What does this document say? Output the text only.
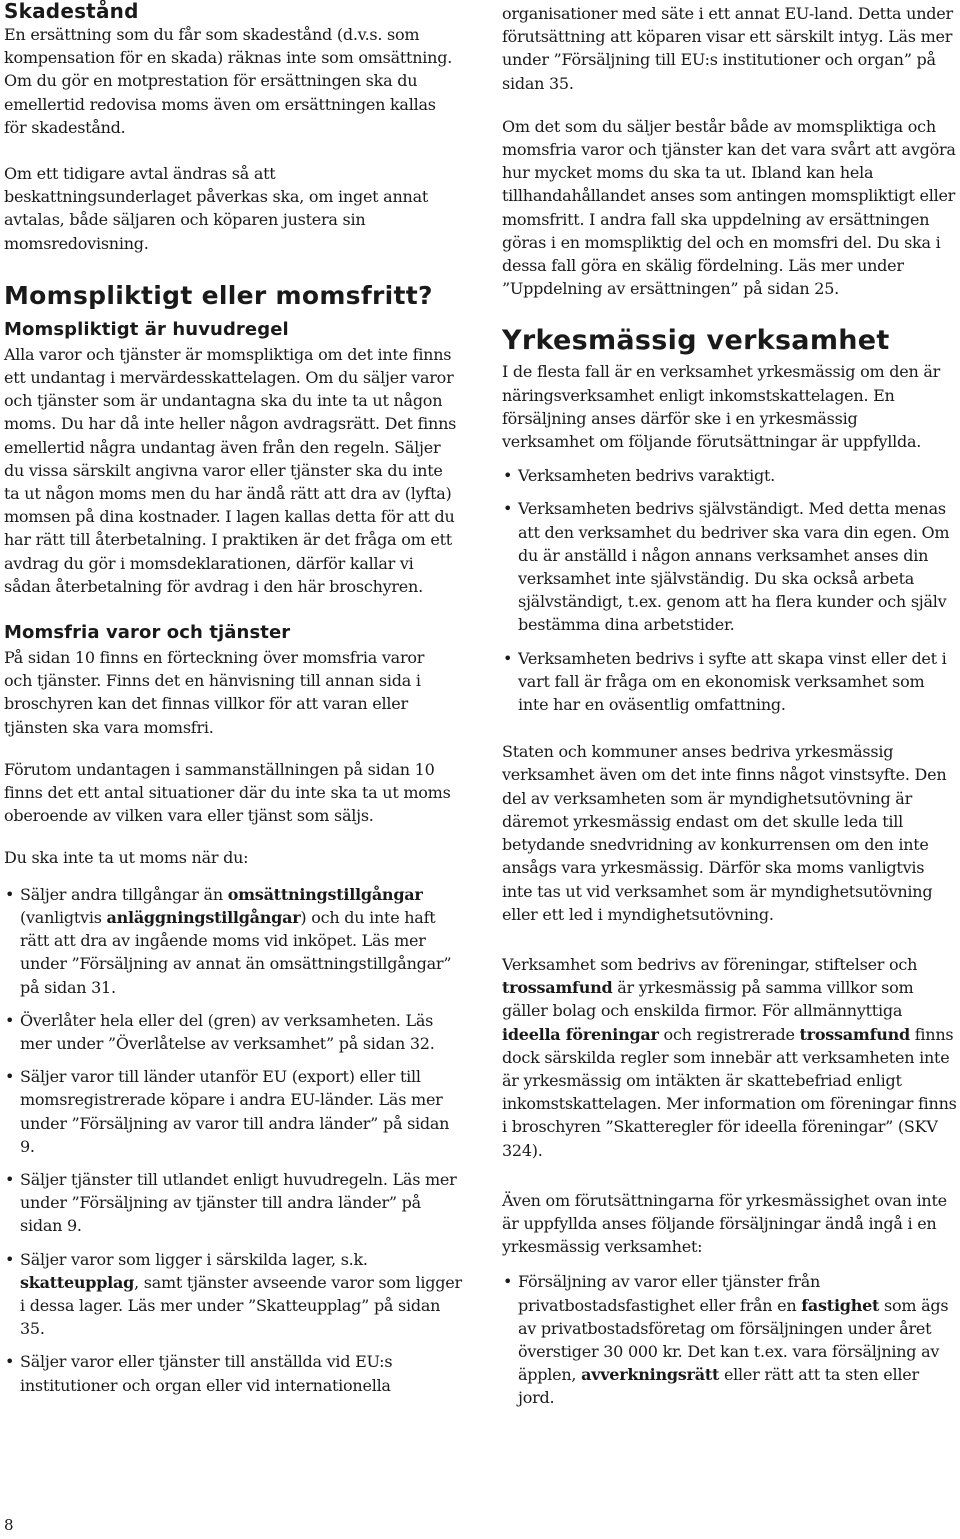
Skadestånd

En ersättning som du får som skadestånd (d.v.s. som kompensation för en skada) räknas inte som omsättning. Om du gör en motprestation för ersättningen ska du emellertid redovisa moms även om ersättningen kallas för skadestånd.

Om ett tidigare avtal ändras så att beskattningsunderlaget påverkas ska, om inget annat avtalas, både säljaren och köparen justera sin momsredovisning.

Momspliktigt eller momsfritt?
Momspliktigt är huvudregel

Alla varor och tjänster är momspliktiga om det inte finns ett undantag i mervärdesskattelagen. Om du säljer varor och tjänster som är undantagna ska du inte ta ut någon moms. Du har då inte heller någon avdragsrätt. Det finns emellertid några undantag även från den regeln. Säljer du vissa särskilt angivna varor eller tjänster ska du inte ta ut någon moms men du har ändå rätt att dra av (lyfta) momsen på dina kostnader. I lagen kallas detta för att du har rätt till återbetalning. I praktiken är det fråga om ett avdrag du gör i momsdeklarationen, därför kallar vi sådan återbetalning för avdrag i den här broschyren.

Momsfria varor och tjänster

På sidan 10 finns en förteckning över momsfria varor och tjänster. Finns det en hänvisning till annan sida i broschyren kan det finnas villkor för att varan eller tjänsten ska vara momsfri.

Förutom undantagen i sammanställningen på sidan 10 finns det ett antal situationer där du inte ska ta ut moms oberoende av vilken vara eller tjänst som säljs.

Du ska inte ta ut moms när du:

• Säljer andra tillgångar än omsättningstillgångar (vanligtvis anläggningstillgångar) och du inte haft rätt att dra av ingående moms vid inköpet. Läs mer under ”Försäljning av annat än omsättningstillgångar” på sidan 31.
• Överlåter hela eller del (gren) av verksamheten. Läs mer under ”Överlåtelse av verksamhet” på sidan 32.
• Säljer varor till länder utanför EU (export) eller till momsregistrerade köpare i andra EU-länder. Läs mer under ”Försäljning av varor till andra länder” på sidan 9.
• Säljer tjänster till utlandet enligt huvudregeln. Läs mer under ”Försäljning av tjänster till andra länder” på sidan 9.
• Säljer varor som ligger i särskilda lager, s.k. skatteupplag, samt tjänster avseende varor som ligger i dessa lager. Läs mer under ”Skatteupplag” på sidan 35.
• Säljer varor eller tjänster till anställda vid EU:s institutioner och organ eller vid internationella

organisationer med säte i ett annat EU-land. Detta under förutsättning att köparen visar ett särskilt intyg. Läs mer under ”Försäljning till EU:s institutioner och organ” på sidan 35.

Om det som du säljer består både av momspliktiga och momsfria varor och tjänster kan det vara svårt att avgöra hur mycket moms du ska ta ut. Ibland kan hela tillhandahållandet anses som antingen momspliktigt eller momsfritt. I andra fall ska uppdelning av ersättningen göras i en momspliktig del och en momsfri del. Du ska i dessa fall göra en skälig fördelning. Läs mer under ”Uppdelning av ersättningen” på sidan 25.

Yrkesmässig verksamhet

I de flesta fall är en verksamhet yrkesmässig om den är näringsverksamhet enligt inkomstskattelagen. En försäljning anses därför ske i en yrkesmässig verksamhet om följande förutsättningar är uppfyllda.

• Verksamheten bedrivs varaktigt.
• Verksamheten bedrivs självständigt. Med detta menas att den verksamhet du bedriver ska vara din egen. Om du är anställd i någon annans verksamhet anses din verksamhet inte självständig. Du ska också arbeta självständigt, t.ex. genom att ha flera kunder och själv bestämma dina arbetstider.
• Verksamheten bedrivs i syfte att skapa vinst eller det i vart fall är fråga om en ekonomisk verksamhet som inte har en oväsentlig omfattning.

Staten och kommuner anses bedriva yrkesmässig verksamhet även om det inte finns något vinstsyfte. Den del av verksamheten som är myndighetsutövning är däremot yrkesmässig endast om det skulle leda till betydande snedvridning av konkurrensen om den inte ansågs vara yrkesmässig. Därför ska moms vanligtvis inte tas ut vid verksamhet som är myndighetsutövning eller ett led i myndighetsutövning.

Verksamhet som bedrivs av föreningar, stiftelser och trossamfund är yrkesmässig på samma villkor som gäller bolag och enskilda firmor. För allmännyttiga ideella föreningar och registrerade trossamfund finns dock särskilda regler som innebär att verksamheten inte är yrkesmässig om intäkten är skattebefriad enligt inkomstskattelagen. Mer information om föreningar finns i broschyren ”Skatteregler för ideella föreningar” (SKV 324).

Även om förutsättningarna för yrkesmässighet ovan inte är uppfyllda anses följande försäljningar ändå ingå i en yrkesmässig verksamhet:

• Försäljning av varor eller tjänster från privatbostadsfastighet eller från en fastighet som ägs av privatbostadsföretag om försäljningen under året överstiger 30 000 kr. Det kan t.ex. vara försäljning av äpplen, avverkningsrätt eller rätt att ta sten eller jord.
8
